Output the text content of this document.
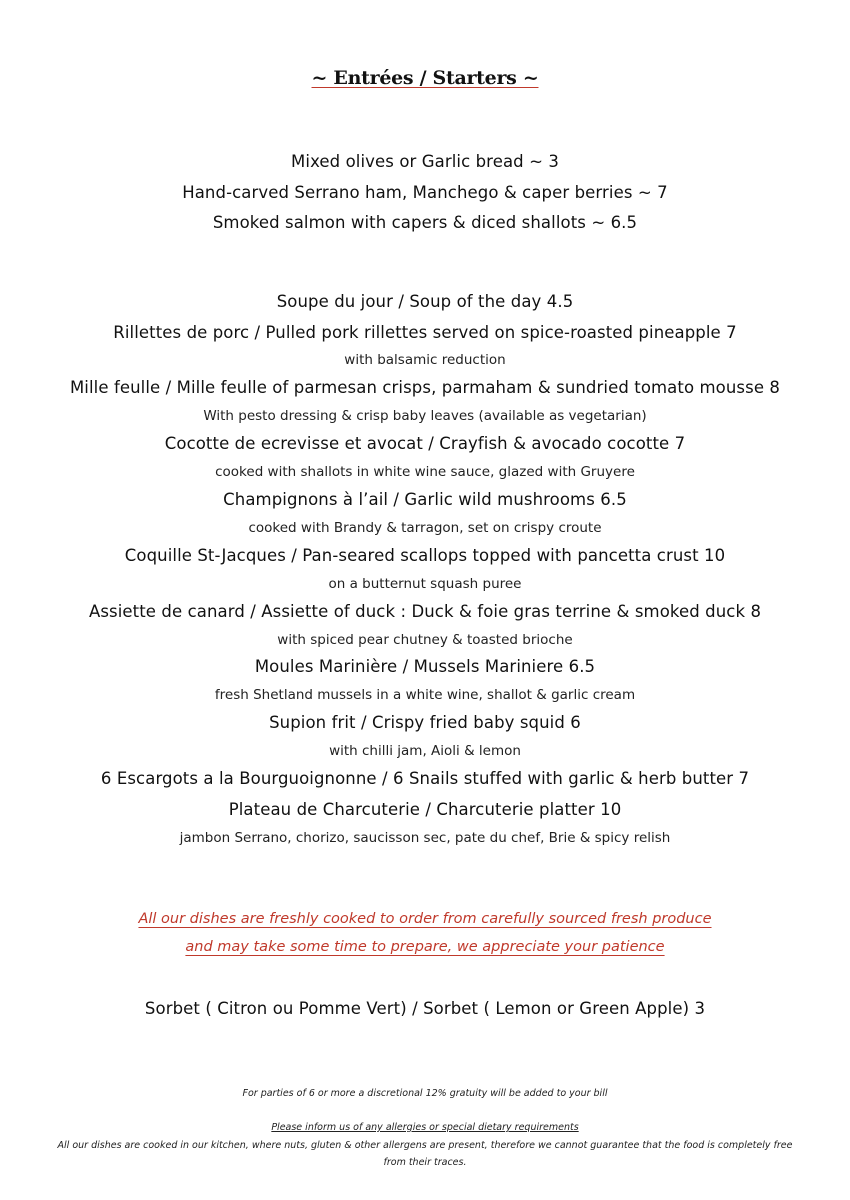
~ Entrées / Starters ~
Mixed olives or Garlic bread ~ 3
Hand-carved Serrano ham, Manchego & caper berries ~ 7
Smoked salmon with capers & diced shallots ~ 6.5
Soupe du jour / Soup of the day 4.5
Rillettes de porc / Pulled pork rillettes served on spice-roasted pineapple 7
with balsamic reduction
Mille feulle / Mille feulle of parmesan crisps, parmaham & sundried tomato mousse 8
With pesto dressing & crisp baby leaves (available as vegetarian)
Cocotte de ecrevisse et avocat / Crayfish & avocado cocotte 7
cooked with shallots in white wine sauce, glazed with Gruyere
Champignons à l’ail / Garlic wild mushrooms 6.5
cooked with Brandy & tarragon, set on crispy croute
Coquille St-Jacques / Pan-seared scallops topped with pancetta crust 10
on a butternut squash puree
Assiette de canard / Assiette of duck : Duck & foie gras terrine & smoked duck 8
with spiced pear chutney & toasted brioche
Moules Marinière / Mussels Mariniere 6.5
fresh Shetland mussels in a white wine, shallot & garlic cream
Supion frit / Crispy fried baby squid 6
with chilli jam, Aioli & lemon
6 Escargots a la Bourguoignonne / 6 Snails stuffed with garlic & herb butter 7
Plateau de Charcuterie / Charcuterie platter 10
jambon Serrano, chorizo, saucisson sec, pate du chef, Brie & spicy relish
All our dishes are freshly cooked to order from carefully sourced fresh produce
and may take some time to prepare, we appreciate your patience
Sorbet ( Citron ou Pomme Vert) / Sorbet ( Lemon or Green Apple) 3
For parties of 6 or more a discretional 12% gratuity will be added to your bill
Please inform us of any allergies or special dietary requirements
All our dishes are cooked in our kitchen, where nuts, gluten & other allergens are present, therefore we cannot guarantee that the food is completely free
from their traces.
